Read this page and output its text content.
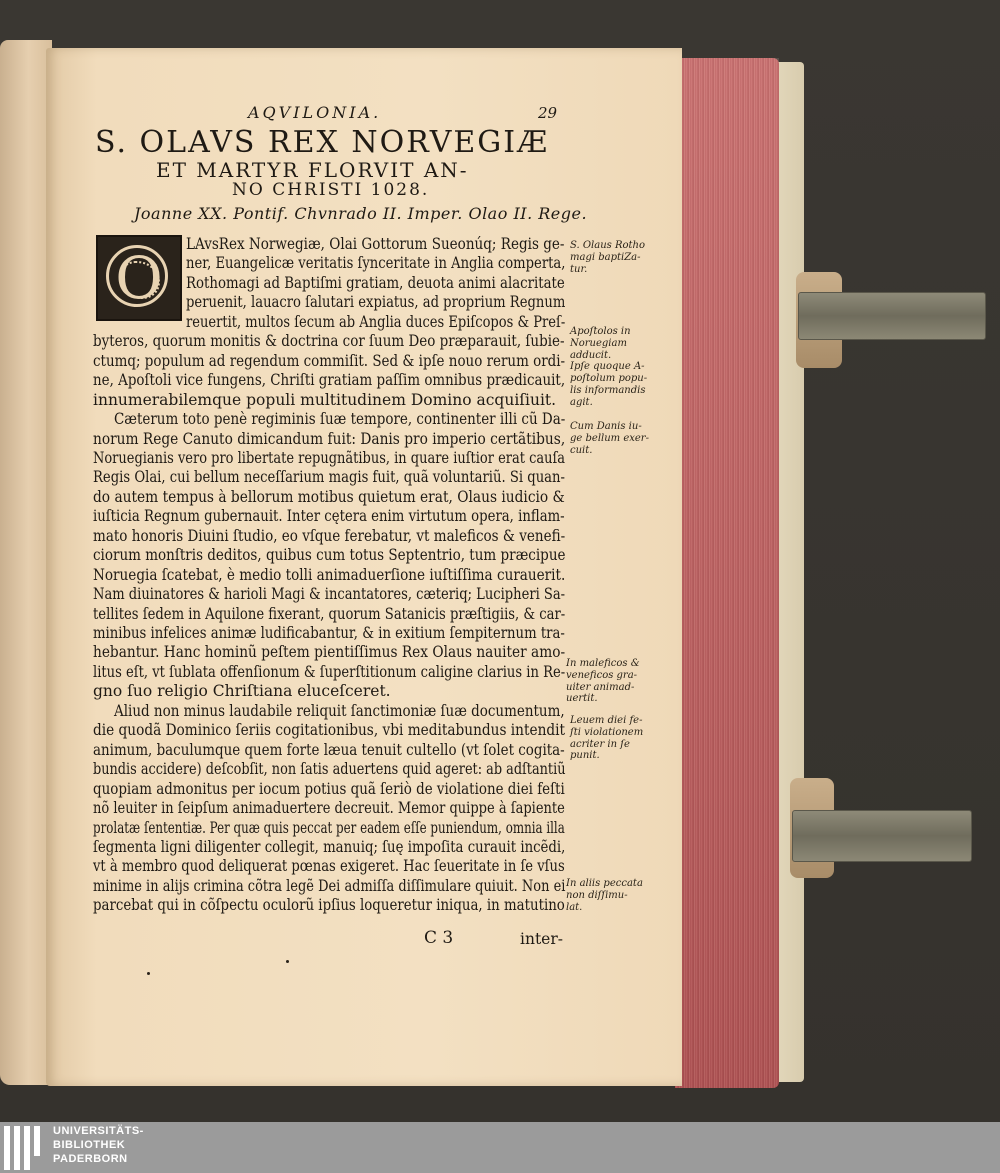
AQVILONIA.	29
S. OLAVS REX NORVEGIÆ
ET MARTYR FLORVIT AN-
NO CHRISTI 1028.
Joanne XX. Pontif. Chvnrado II. Imper. Olao II. Rege.
O	LAvsRex Norwegiæ, Olai Gottorum Sueonúq; Regis ge-
ner, Euangelicæ veritatis ſynceritate in Anglia comperta,
Rothomagi ad Baptiſmi gratiam, deuota animi alacritate
peruenit, lauacro ſalutari expiatus, ad proprium Regnum
reuertit, multos ſecum ab Anglia duces Epiſcopos & Preſ-
byteros, quorum monitis & doctrina cor ſuum Deo præparauit, ſubie-
ctumq; populum ad regendum commiſit. Sed & ipſe nouo rerum ordi-
ne, Apoſtoli vice fungens, Chriſti gratiam paſſim omnibus prædicauit,
innumerabilemque populi multitudinem Domino acquiſiuit.
Cæterum toto penè regiminis ſuæ tempore, continenter illi cũ Da-
norum Rege Canuto dimicandum fuit: Danis pro imperio certãtibus,
Noruegianis vero pro libertate repugnãtibus, in quare iuſtior erat cauſa
Regis Olai, cui bellum neceſſarium magis fuit, quã voluntariũ. Si quan-
do autem tempus à bellorum motibus quietum erat, Olaus iudicio &
iuſticia Regnum gubernauit. Inter cętera enim virtutum opera, inflam-
mato honoris Diuini ſtudio, eo vſque ferebatur, vt maleficos & venefi-
ciorum monſtris deditos, quibus cum totus Septentrio, tum præcipue
Noruegia ſcatebat, è medio tolli animaduerſione iuſtiſſima curauerit.
Nam diuinatores & harioli Magi & incantatores, cæteriq; Lucipheri Sa-
tellites ſedem in Aquilone fixerant, quorum Satanicis præſtigiis, & car-
minibus infelices animæ ludificabantur, & in exitium ſempiternum tra-
hebantur. Hanc hominũ peſtem pientiſſimus Rex Olaus nauiter amo-
litus eſt, vt ſublata offenſionum & ſuperſtitionum caligine clarius in Re-
gno ſuo religio Chriſtiana eluceſceret.
Aliud non minus laudabile reliquit ſanctimoniæ ſuæ documentum,
die quodã Dominico ſeriis cogitationibus, vbi meditabundus intendit
animum, baculumque quem forte læua tenuit cultello (vt ſolet cogita-
bundis accidere) deſcobſit, non ſatis aduertens quid ageret: ab adſtantiũ
quopiam admonitus per iocum potius quã ſeriò de violatione diei feſti
nõ leuiter in ſeipſum animaduertere decreuit. Memor quippe à ſapiente
prolatæ ſententiæ. Per quæ quis peccat per eadem eſſe puniendum, omnia illa
ſegmenta ligni diligenter collegit, manuiq; ſuę impoſita curauit incẽdi,
vt à membro quod deliquerat pœnas exigeret. Hac ſeueritate in ſe vſus
minime in alijs crimina cõtra legẽ Dei admiſſa diſſimulare quiuit. Non ei
parcebat qui in cõſpectu oculorũ ipſius loqueretur iniqua, in matutino
S. Olaus Rotho
magi baptiZa-
tur.
Apoſtolos in
Noruegiam
adducit.
Ipſe quoque A-
poſtolum popu-
lis informandis
agit.
Cum Danis iu-
ge bellum exer-
cuit.
In maleficos &
veneficos gra-
uiter animad-
uertit.
Leuem diei fe-
ſti violationem
acriter in ſe
punit.
In aliis peccata
non diſſimu-
lat.
C 3	inter-
UNIVERSITÄTS-
BIBLIOTHEK
PADERBORN
